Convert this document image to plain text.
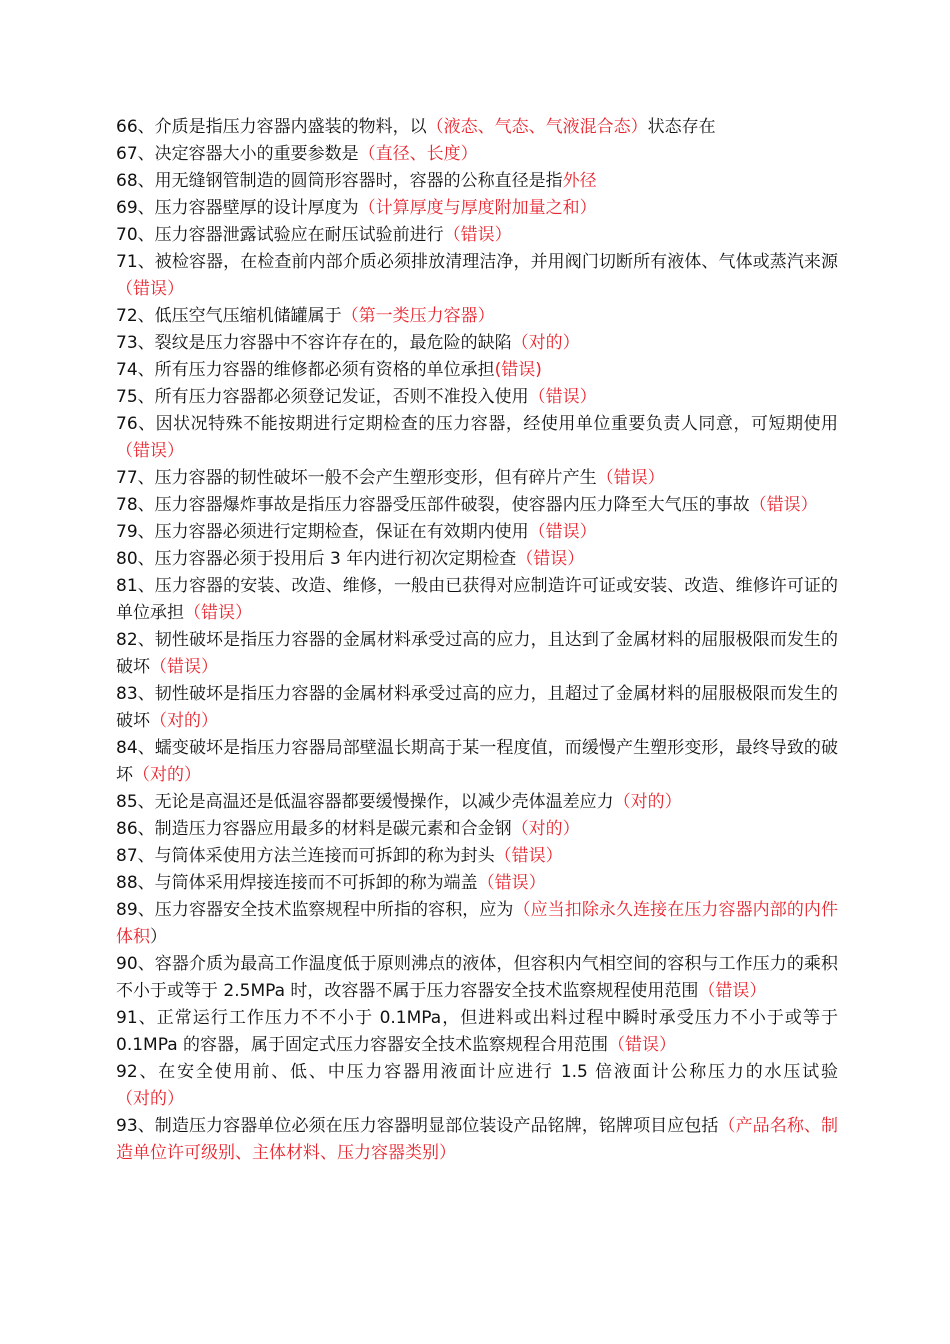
66、介质是指压力容器内盛装的物料，以（液态、气态、气液混合态）状态存在

67、决定容器大小的重要参数是（直径、长度）

68、用无缝钢管制造的圆筒形容器时，容器的公称直径是指外径

69、压力容器壁厚的设计厚度为（计算厚度与厚度附加量之和）

70、压力容器泄露试验应在耐压试验前进行（错误）

71、被检容器，在检查前内部介质必须排放清理洁净，并用阀门切断所有液体、气体或蒸汽来源（错误）

72、低压空气压缩机储罐属于（第一类压力容器）

73、裂纹是压力容器中不容许存在的，最危险的缺陷（对的）

74、所有压力容器的维修都必须有资格的单位承担(错误)

75、所有压力容器都必须登记发证，否则不准投入使用（错误）

76、因状况特殊不能按期进行定期检查的压力容器，经使用单位重要负责人同意，可短期使用（错误）

77、压力容器的韧性破坏一般不会产生塑形变形，但有碎片产生（错误）

78、压力容器爆炸事故是指压力容器受压部件破裂，使容器内压力降至大气压的事故（错误）

79、压力容器必须进行定期检查，保证在有效期内使用（错误）

80、压力容器必须于投用后 3 年内进行初次定期检查（错误）

81、压力容器的安装、改造、维修，一般由已获得对应制造许可证或安装、改造、维修许可证的单位承担（错误）

82、韧性破坏是指压力容器的金属材料承受过高的应力，且达到了金属材料的屈服极限而发生的破坏（错误）

83、韧性破坏是指压力容器的金属材料承受过高的应力，且超过了金属材料的屈服极限而发生的破坏（对的）

84、蠕变破坏是指压力容器局部壁温长期高于某一程度值，而缓慢产生塑形变形，最终导致的破坏（对的）

85、无论是高温还是低温容器都要缓慢操作，以减少壳体温差应力（对的）

86、制造压力容器应用最多的材料是碳元素和合金钢（对的）

87、与筒体采使用方法兰连接而可拆卸的称为封头（错误）

88、与筒体采用焊接连接而不可拆卸的称为端盖（错误）

89、压力容器安全技术监察规程中所指的容积，应为（应当扣除永久连接在压力容器内部的内件体积）

90、容器介质为最高工作温度低于原则沸点的液体，但容积内气相空间的容积与工作压力的乘积不小于或等于 2.5MPa 时，改容器不属于压力容器安全技术监察规程使用范围（错误）

91、正常运行工作压力不不小于 0.1MPa，但进料或出料过程中瞬时承受压力不小于或等于 0.1MPa 的容器，属于固定式压力容器安全技术监察规程合用范围（错误）

92、在安全使用前、低、中压力容器用液面计应进行 1.5 倍液面计公称压力的水压试验（对的）

93、制造压力容器单位必须在压力容器明显部位装设产品铭牌，铭牌项目应包括（产品名称、制造单位许可级别、主体材料、压力容器类别）
